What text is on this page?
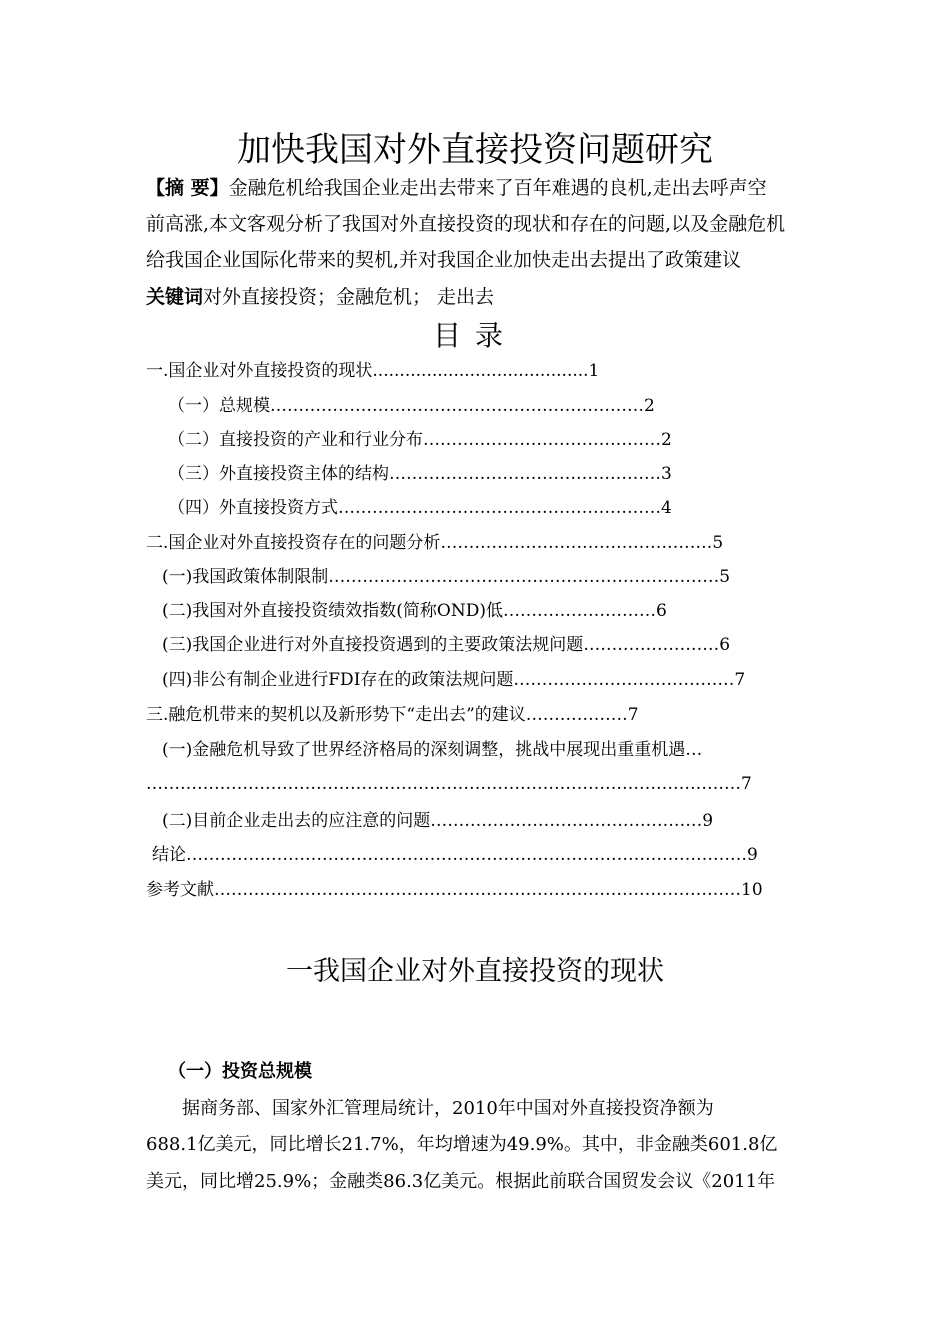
加快我国对外直接投资问题研究
【摘 要】金融危机给我国企业走出去带来了百年难遇的良机,走出去呼声空
前高涨,本文客观分析了我国对外直接投资的现状和存在的问题,以及金融危机
给我国企业国际化带来的契机,并对我国企业加快走出去提出了政策建议
关键词对外直接投资；金融危机； 走出去
目录
一.国企业对外直接投资的现状........................................1
（一）总规模…………………………………………………………2
（二）直接投资的产业和行业分布……………………………………2
（三）外直接投资主体的结构…………………………………………3
（四）外直接投资方式…………………………………………………4
二.国企业对外直接投资存在的问题分析…………………………………………5
(一)我国政策体制限制……………………………………………………………5
(二)我国对外直接投资绩效指数(简称OND)低………………………6
(三)我国企业进行对外直接投资遇到的主要政策法规问题……………………6
(四)非公有制企业进行FDI存在的政策法规问题…………………………………7
三.融危机带来的契机以及新形势下“走出去”的建议………………7
(一)金融危机导致了世界经济格局的深刻调整，挑战中展现出重重机遇…
……………………………………………………………………………………………7
(二)目前企业走出去的应注意的问题…………………………………………9
结论………………………………………………………………………………………9
参考文献…………………………………………………………………………………10
一我国企业对外直接投资的现状
（一）投资总规模
据商务部、国家外汇管理局统计，2010年中国对外直接投资净额为
688.1亿美元，同比增长21.7%，年均增速为49.9%。其中，非金融类601.8亿
美元，同比增25.9%；金融类86.3亿美元。根据此前联合国贸发会议《2011年
